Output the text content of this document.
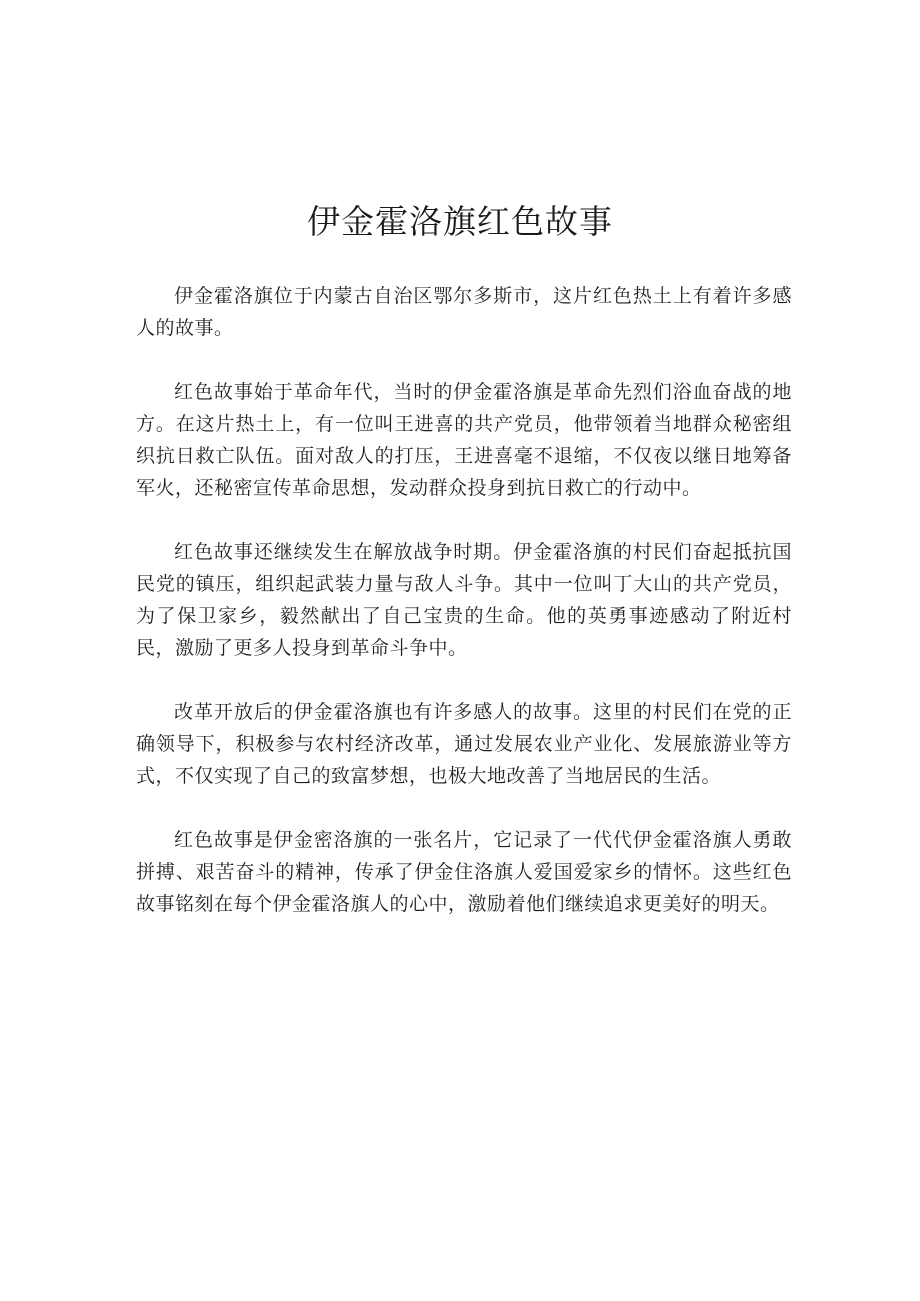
伊金霍洛旗红色故事

伊金霍洛旗位于内蒙古自治区鄂尔多斯市，这片红色热土上有着许多感人的故事。

红色故事始于革命年代，当时的伊金霍洛旗是革命先烈们浴血奋战的地方。在这片热土上，有一位叫王进喜的共产党员，他带领着当地群众秘密组织抗日救亡队伍。面对敌人的打压，王进喜毫不退缩，不仅夜以继日地筹备军火，还秘密宣传革命思想，发动群众投身到抗日救亡的行动中。

红色故事还继续发生在解放战争时期。伊金霍洛旗的村民们奋起抵抗国民党的镇压，组织起武装力量与敌人斗争。其中一位叫丁大山的共产党员，为了保卫家乡，毅然献出了自己宝贵的生命。他的英勇事迹感动了附近村民，激励了更多人投身到革命斗争中。

改革开放后的伊金霍洛旗也有许多感人的故事。这里的村民们在党的正确领导下，积极参与农村经济改革，通过发展农业产业化、发展旅游业等方式，不仅实现了自己的致富梦想，也极大地改善了当地居民的生活。

红色故事是伊金密洛旗的一张名片，它记录了一代代伊金霍洛旗人勇敢拼搏、艰苦奋斗的精神，传承了伊金住洛旗人爱国爱家乡的情怀。这些红色故事铭刻在每个伊金霍洛旗人的心中，激励着他们继续追求更美好的明天。
